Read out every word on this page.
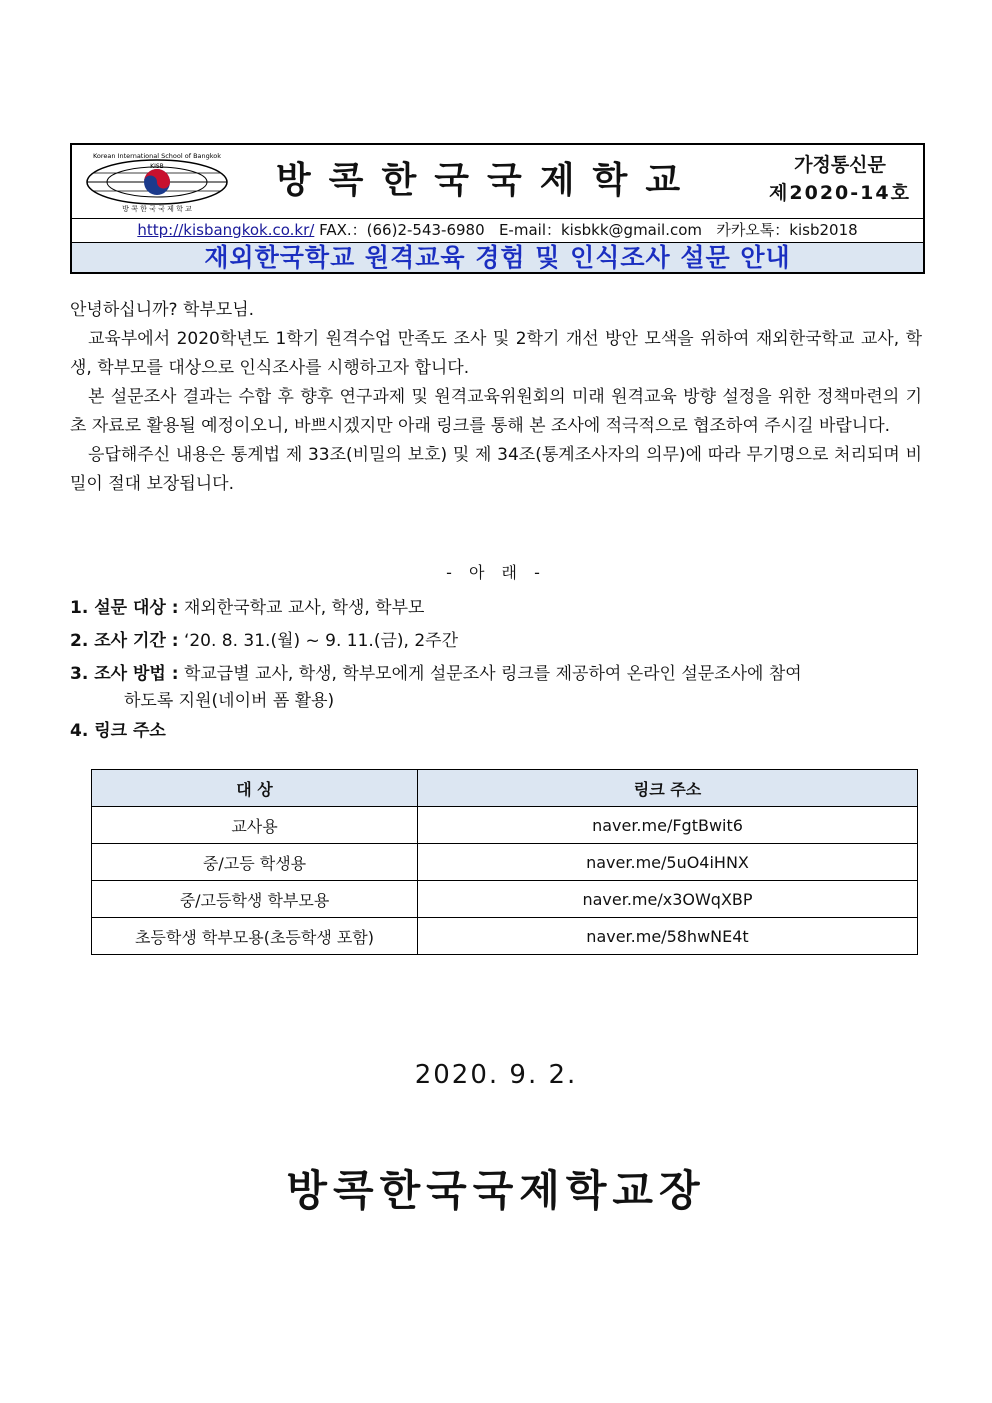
Korean International School of Bangkok
KISB
방 콕 한 국 국 제 학 교
방콕한국국제학교	가정통신문
제2020-14호
http://kisbangkok.co.kr/ FAX.：(66)2-543-6980 E-mail：kisbkk@gmail.com 카카오톡：kisb2018
재외한국학교 원격교육 경험 및 인식조사 설문 안내

안녕하십니까? 학부모님.

교육부에서 2020학년도 1학기 원격수업 만족도 조사 및 2학기 개선 방안 모색을 위하여 재외한국학교 교사, 학생, 학부모를 대상으로 인식조사를 시행하고자 합니다.

본 설문조사 결과는 수합 후 향후 연구과제 및 원격교육위원회의 미래 원격교육 방향 설정을 위한 정책마련의 기초 자료로 활용될 예정이오니, 바쁘시겠지만 아래 링크를 통해 본 조사에 적극적으로 협조하여 주시길 바랍니다.

응답해주신 내용은 통계법 제 33조(비밀의 보호) 및 제 34조(통계조사자의 의무)에 따라 무기명으로 처리되며 비밀이 절대 보장됩니다.

- 아 래 -
1. 설문 대상 : 재외한국학교 교사, 학생, 학부모
2. 조사 기간 : ‘20. 8. 31.(월) ~ 9. 11.(금), 2주간
3. 조사 방법 : 학교급별 교사, 학생, 학부모에게 설문조사 링크를 제공하여 온라인 설문조사에 참여
하도록 지원(네이버 폼 활용)
4. 링크 주소
대 상	링크 주소
교사용	naver.me/FgtBwit6
중/고등 학생용	naver.me/5uO4iHNX
중/고등학생 학부모용	naver.me/x3OWqXBP
초등학생 학부모용(초등학생 포함)	naver.me/58hwNE4t
2020. 9. 2.
방콕한국국제학교장
